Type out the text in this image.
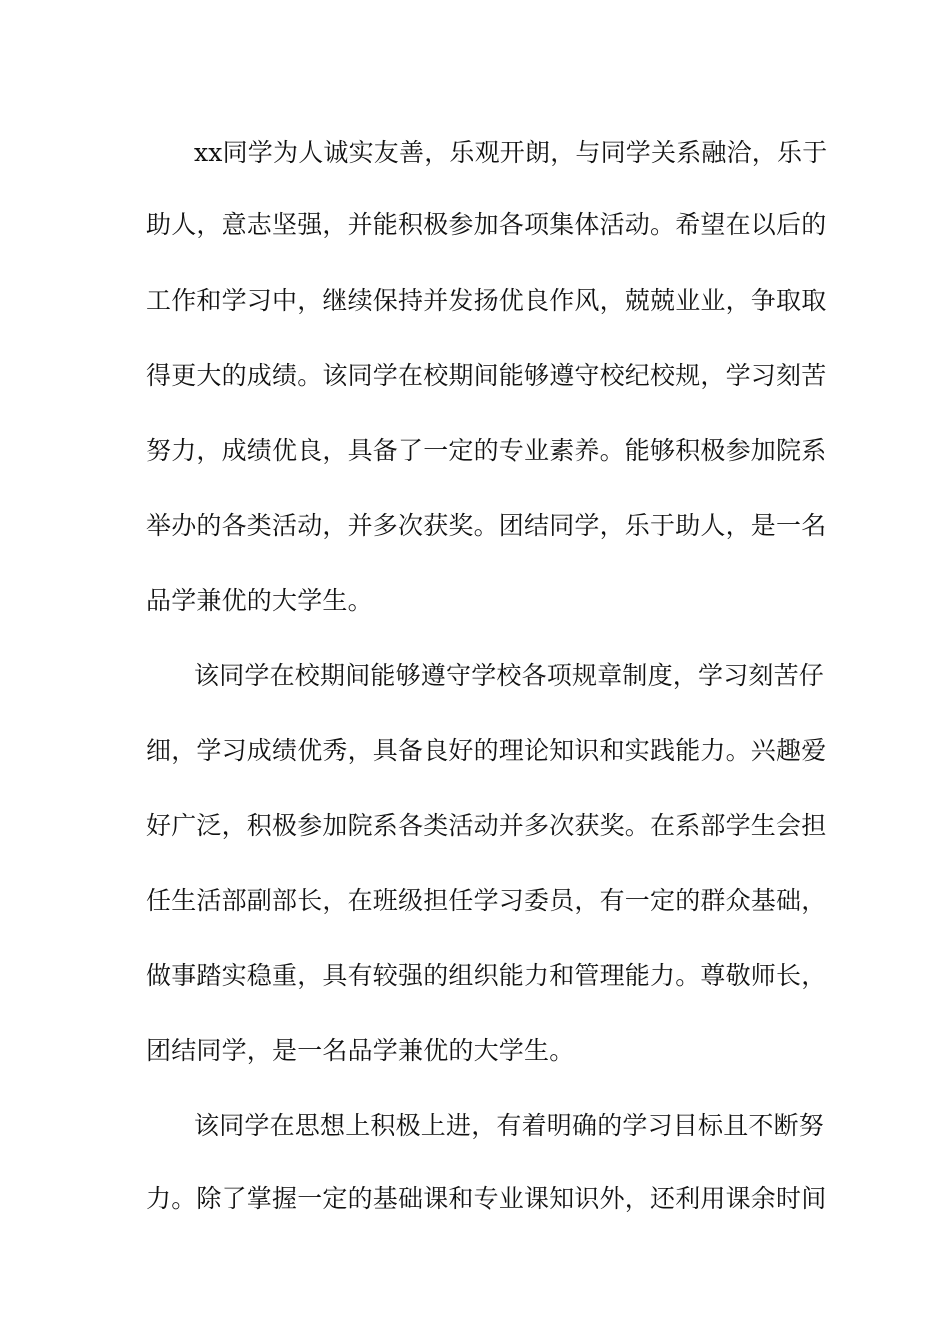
xx同学为人诚实友善，乐观开朗，与同学关系融洽，乐于
助人，意志坚强，并能积极参加各项集体活动。希望在以后的
工作和学习中，继续保持并发扬优良作风，兢兢业业，争取取
得更大的成绩。该同学在校期间能够遵守校纪校规，学习刻苦
努力，成绩优良，具备了一定的专业素养。能够积极参加院系
举办的各类活动，并多次获奖。团结同学，乐于助人，是一名
品学兼优的大学生。
该同学在校期间能够遵守学校各项规章制度，学习刻苦仔
细，学习成绩优秀，具备良好的理论知识和实践能力。兴趣爱
好广泛，积极参加院系各类活动并多次获奖。在系部学生会担
任生活部副部长，在班级担任学习委员，有一定的群众基础，
做事踏实稳重，具有较强的组织能力和管理能力。尊敬师长，
团结同学，是一名品学兼优的大学生。
该同学在思想上积极上进，有着明确的学习目标且不断努
力。除了掌握一定的基础课和专业课知识外，还利用课余时间
